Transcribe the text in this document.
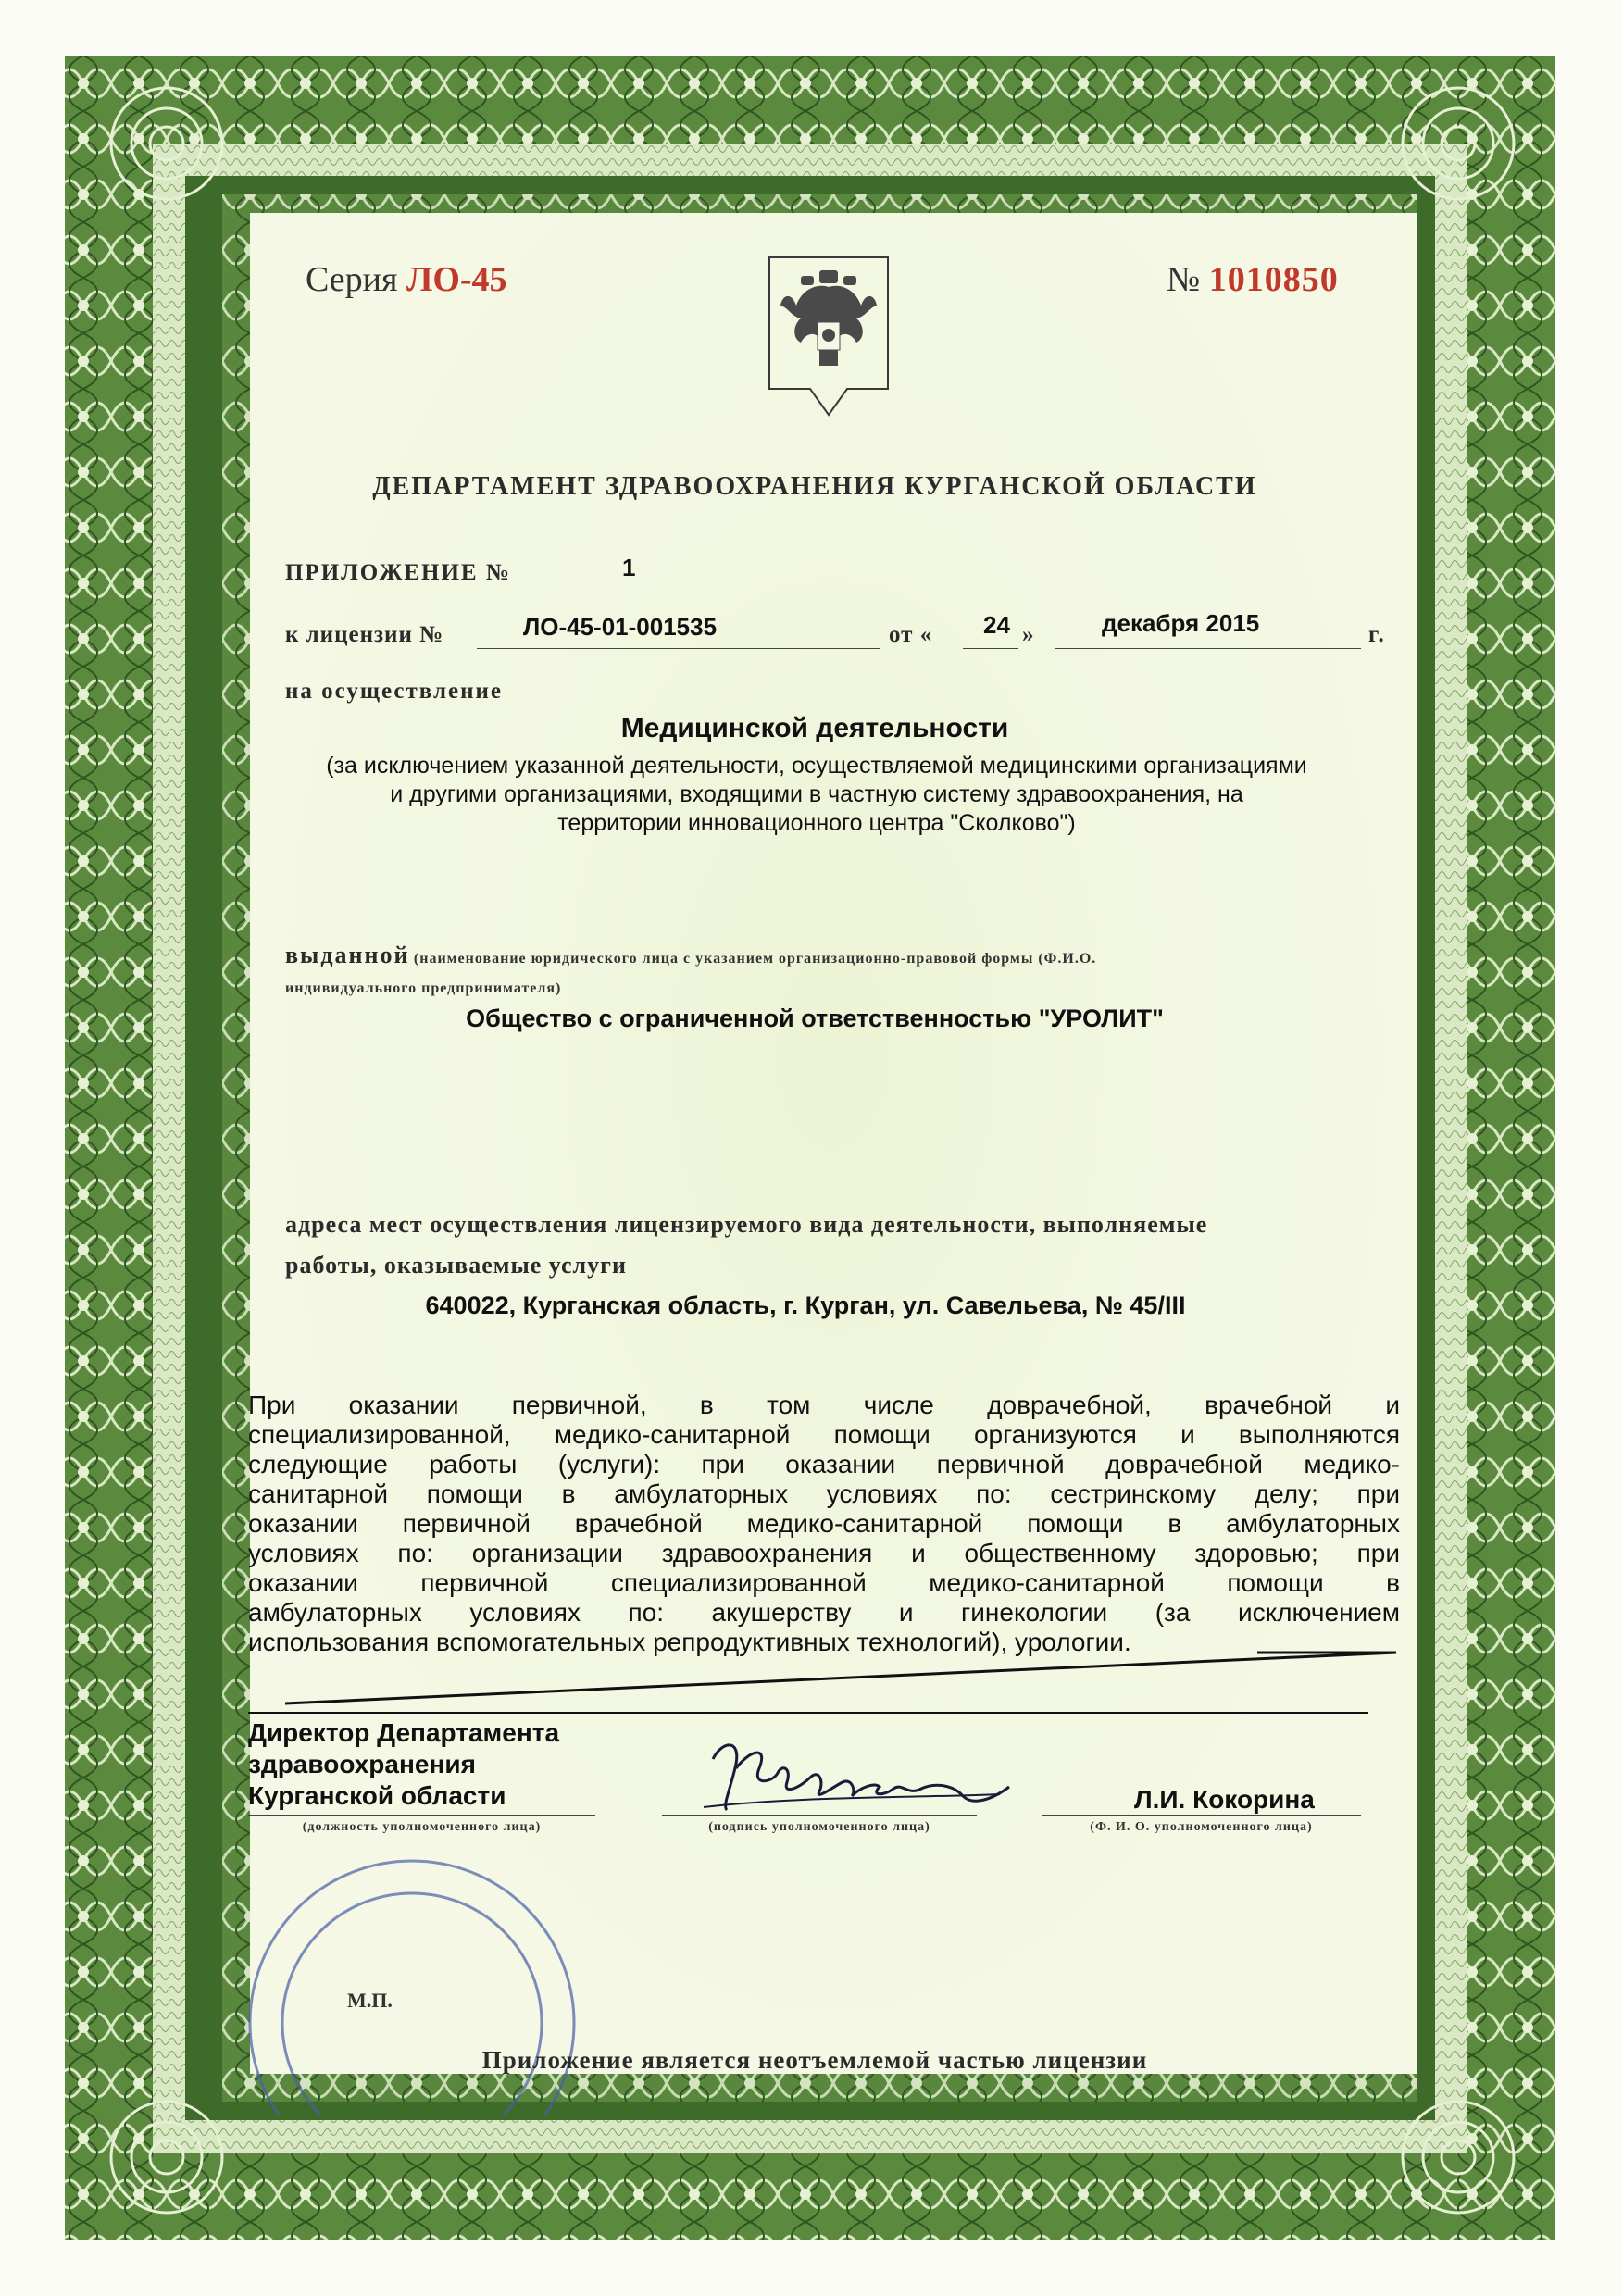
Серия ЛО-45	№ 1010850
ДЕПАРТАМЕНТ ЗДРАВООХРАНЕНИЯ КУРГАНСКОЙ ОБЛАСТИ
ПРИЛОЖЕНИЕ №	1
к лицензии №	ЛО-45-01-001535	от « 24 »	декабря 2015	г.
на осуществление
Медицинской деятельности
(за исключением указанной деятельности, осуществляемой медицинскими организациями
и другими организациями, входящими в частную систему здравоохранения, на
территории инновационного центра "Сколково")
выданной (наименование юридического лица с указанием организационно-правовой формы (Ф.И.О.
индивидуального предпринимателя)
Общество с ограниченной ответственностью "УРОЛИТ"
адреса мест осуществления лицензируемого вида деятельности, выполняемые
работы, оказываемые услуги
640022, Курганская область, г. Курган, ул. Савельева, № 45/III
При оказании первичной, в том числе доврачебной, врачебной и
специализированной, медико-санитарной помощи организуются и выполняются
следующие работы (услуги): при оказании первичной доврачебной медико-
санитарной помощи в амбулаторных условиях по: сестринскому делу; при
оказании первичной врачебной медико-санитарной помощи в амбулаторных
условиях по: организации здравоохранения и общественному здоровью; при
оказании первичной специализированной медико-санитарной помощи в
амбулаторных условиях по: акушерству и гинекологии (за исключением
использования вспомогательных репродуктивных технологий), урологии.
Директор Департамента
здравоохранения
Курганской области
(должность уполномоченного лица)	(подпись уполномоченного лица)
Л.И. Кокорина
(Ф. И. О. уполномоченного лица)
М.П.
Приложение является неотъемлемой частью лицензии
